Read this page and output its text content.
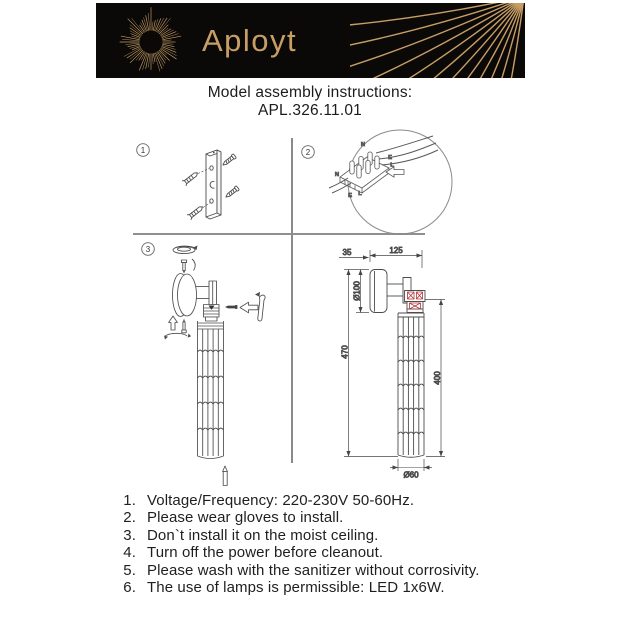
Aployt
Model assembly instructions:
APL.326.11.01
1	2
3
N
E
L
N
E L
35	125
Ø100
470
400
Ø60
1. Voltage/Frequency: 220-230V 50-60Hz.
2. Please wear gloves to install.
3. Don`t install it on the moist ceiling.
4. Turn off the power before cleanout.
5. Please wash with the sanitizer without corrosivity.
6. The use of lamps is permissible: LED 1x6W.
